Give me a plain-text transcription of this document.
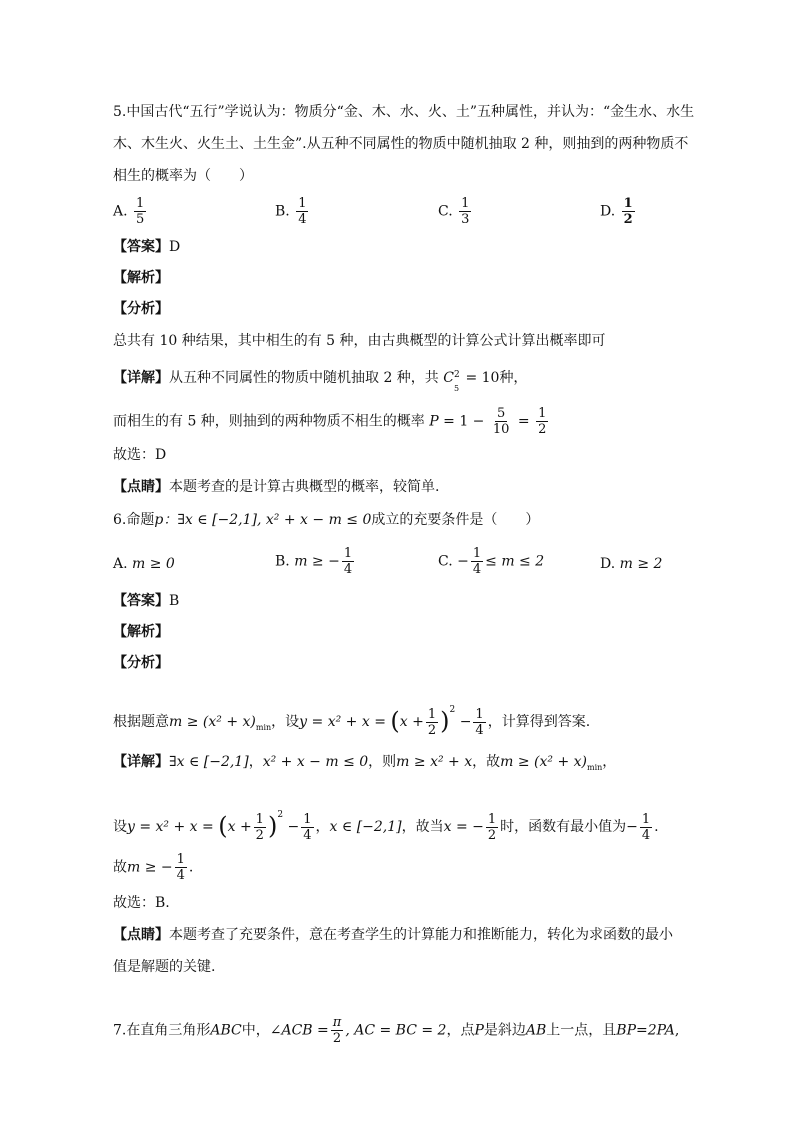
5.中国古代“五行”学说认为：物质分“金、木、水、火、土”五种属性，并认为：“金生水、水生
木、木生火、火生土、土生金”.从五种不同属性的物质中随机抽取 2 种，则抽到的两种物质不
相生的概率为（　　）
A. $\frac{1}{5}$	B. $\frac{1}{4}$	C. $\frac{1}{3}$	D. $\frac{1}{2}$
【答案】D
【解析】
【分析】
总共有 10 种结果，其中相生的有 5 种，由古典概型的计算公式计算出概率即可
【详解】从五种不同属性的物质中随机抽取 2 种，共 C 2
5
= 10种，
而相生的有 5 种，则抽到的两种物质不相生的概率 $P = 1 - \frac{5}{10} = \frac{1}{2}$
故选：D
【点睛】本题考查的是计算古典概型的概率，较简单.
6.命题p：∃x ∈ [−2,1], x² + x − m ≤ 0成立的充要条件是（　　）
A. m ≥ 0	B. m ≥ − $\frac{1}{4}$	C. − $\frac{1}{4} \le m \le 2$	D. m ≥ 2
【答案】B
【解析】
【分析】
根据题意$m \ge (x^2 + x)_{min}$，设$y = x^2 + x = (x + \frac{1}{2} )^2 - \frac{1}{4}$ ，计算得到答案.
【详解】∃x ∈ [−2,1]，x² + x − m ≤ 0，则m ≥ x² + x，故$m \ge (x^2 + x)_{min}$，
设$y = x^2 + x = (x + \frac{1}{2} )^2 - \frac{1}{4}$ ，x ∈ [−2,1]，故当x = − $\frac{1}{2}$ 时，函数有最小值为− $\frac{1}{4}$ .
故m ≥ − $\frac{1}{4}$ .
故选：B.
【点睛】本题考查了充要条件，意在考查学生的计算能力和推断能力，转化为求函数的最小
值是解题的关键.
7.在直角三角形ABC中，∠ACB = $\frac{\pi}{2}$ , AC = BC = 2，点P是斜边AB上一点，且BP=2PA,
